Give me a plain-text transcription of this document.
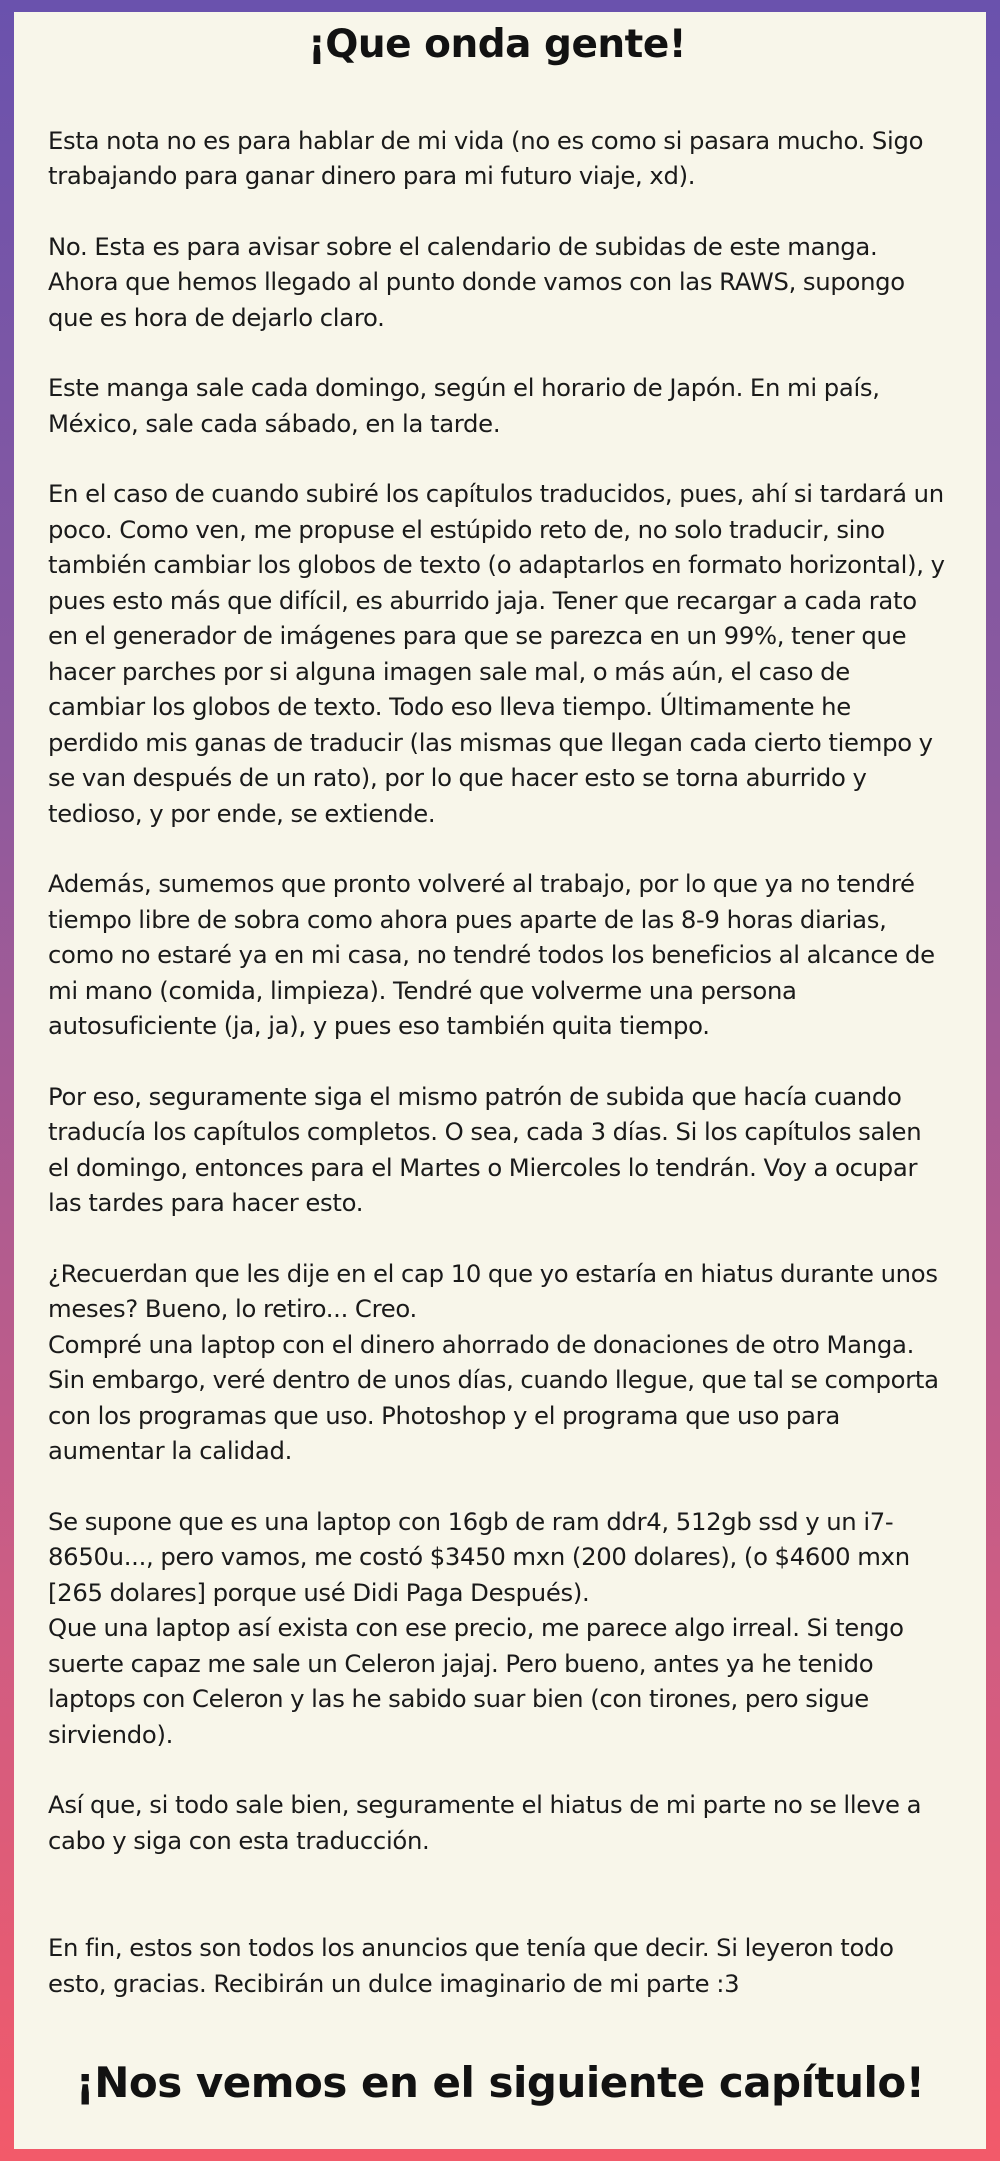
¡Que onda gente!

Esta nota no es para hablar de mi vida (no es como si pasara mucho. Sigo trabajando para ganar dinero para mi futuro viaje, xd).

No. Esta es para avisar sobre el calendario de subidas de este manga. Ahora que hemos llegado al punto donde vamos con las RAWS, supongo que es hora de dejarlo claro.

Este manga sale cada domingo, según el horario de Japón. En mi país, México, sale cada sábado, en la tarde.

En el caso de cuando subiré los capítulos traducidos, pues, ahí si tardará un poco. Como ven, me propuse el estúpido reto de, no solo traducir, sino también cambiar los globos de texto (o adaptarlos en formato horizontal), y pues esto más que difícil, es aburrido jaja. Tener que recargar a cada rato en el generador de imágenes para que se parezca en un 99%, tener que hacer parches por si alguna imagen sale mal, o más aún, el caso de cambiar los globos de texto. Todo eso lleva tiempo. Últimamente he perdido mis ganas de traducir (las mismas que llegan cada cierto tiempo y se van después de un rato), por lo que hacer esto se torna aburrido y tedioso, y por ende, se extiende.

Además, sumemos que pronto volveré al trabajo, por lo que ya no tendré tiempo libre de sobra como ahora pues aparte de las 8-9 horas diarias, como no estaré ya en mi casa, no tendré todos los beneficios al alcance de mi mano (comida, limpieza). Tendré que volverme una persona autosuficiente (ja, ja), y pues eso también quita tiempo.

Por eso, seguramente siga el mismo patrón de subida que hacía cuando traducía los capítulos completos. O sea, cada 3 días. Si los capítulos salen el domingo, entonces para el Martes o Miercoles lo tendrán. Voy a ocupar las tardes para hacer esto.

¿Recuerdan que les dije en el cap 10 que yo estaría en hiatus durante unos meses? Bueno, lo retiro... Creo.
Compré una laptop con el dinero ahorrado de donaciones de otro Manga. Sin embargo, veré dentro de unos días, cuando llegue, que tal se comporta con los programas que uso. Photoshop y el programa que uso para aumentar la calidad.

Se supone que es una laptop con 16gb de ram ddr4, 512gb ssd y un i7-8650u..., pero vamos, me costó $3450 mxn (200 dolares), (o $4600 mxn [265 dolares] porque usé Didi Paga Después).
Que una laptop así exista con ese precio, me parece algo irreal. Si tengo suerte capaz me sale un Celeron jajaj. Pero bueno, antes ya he tenido laptops con Celeron y las he sabido suar bien (con tirones, pero sigue sirviendo).

Así que, si todo sale bien, seguramente el hiatus de mi parte no se lleve a cabo y siga con esta traducción.

En fin, estos son todos los anuncios que tenía que decir. Si leyeron todo esto, gracias. Recibirán un dulce imaginario de mi parte :3

¡Nos vemos en el siguiente capítulo!
